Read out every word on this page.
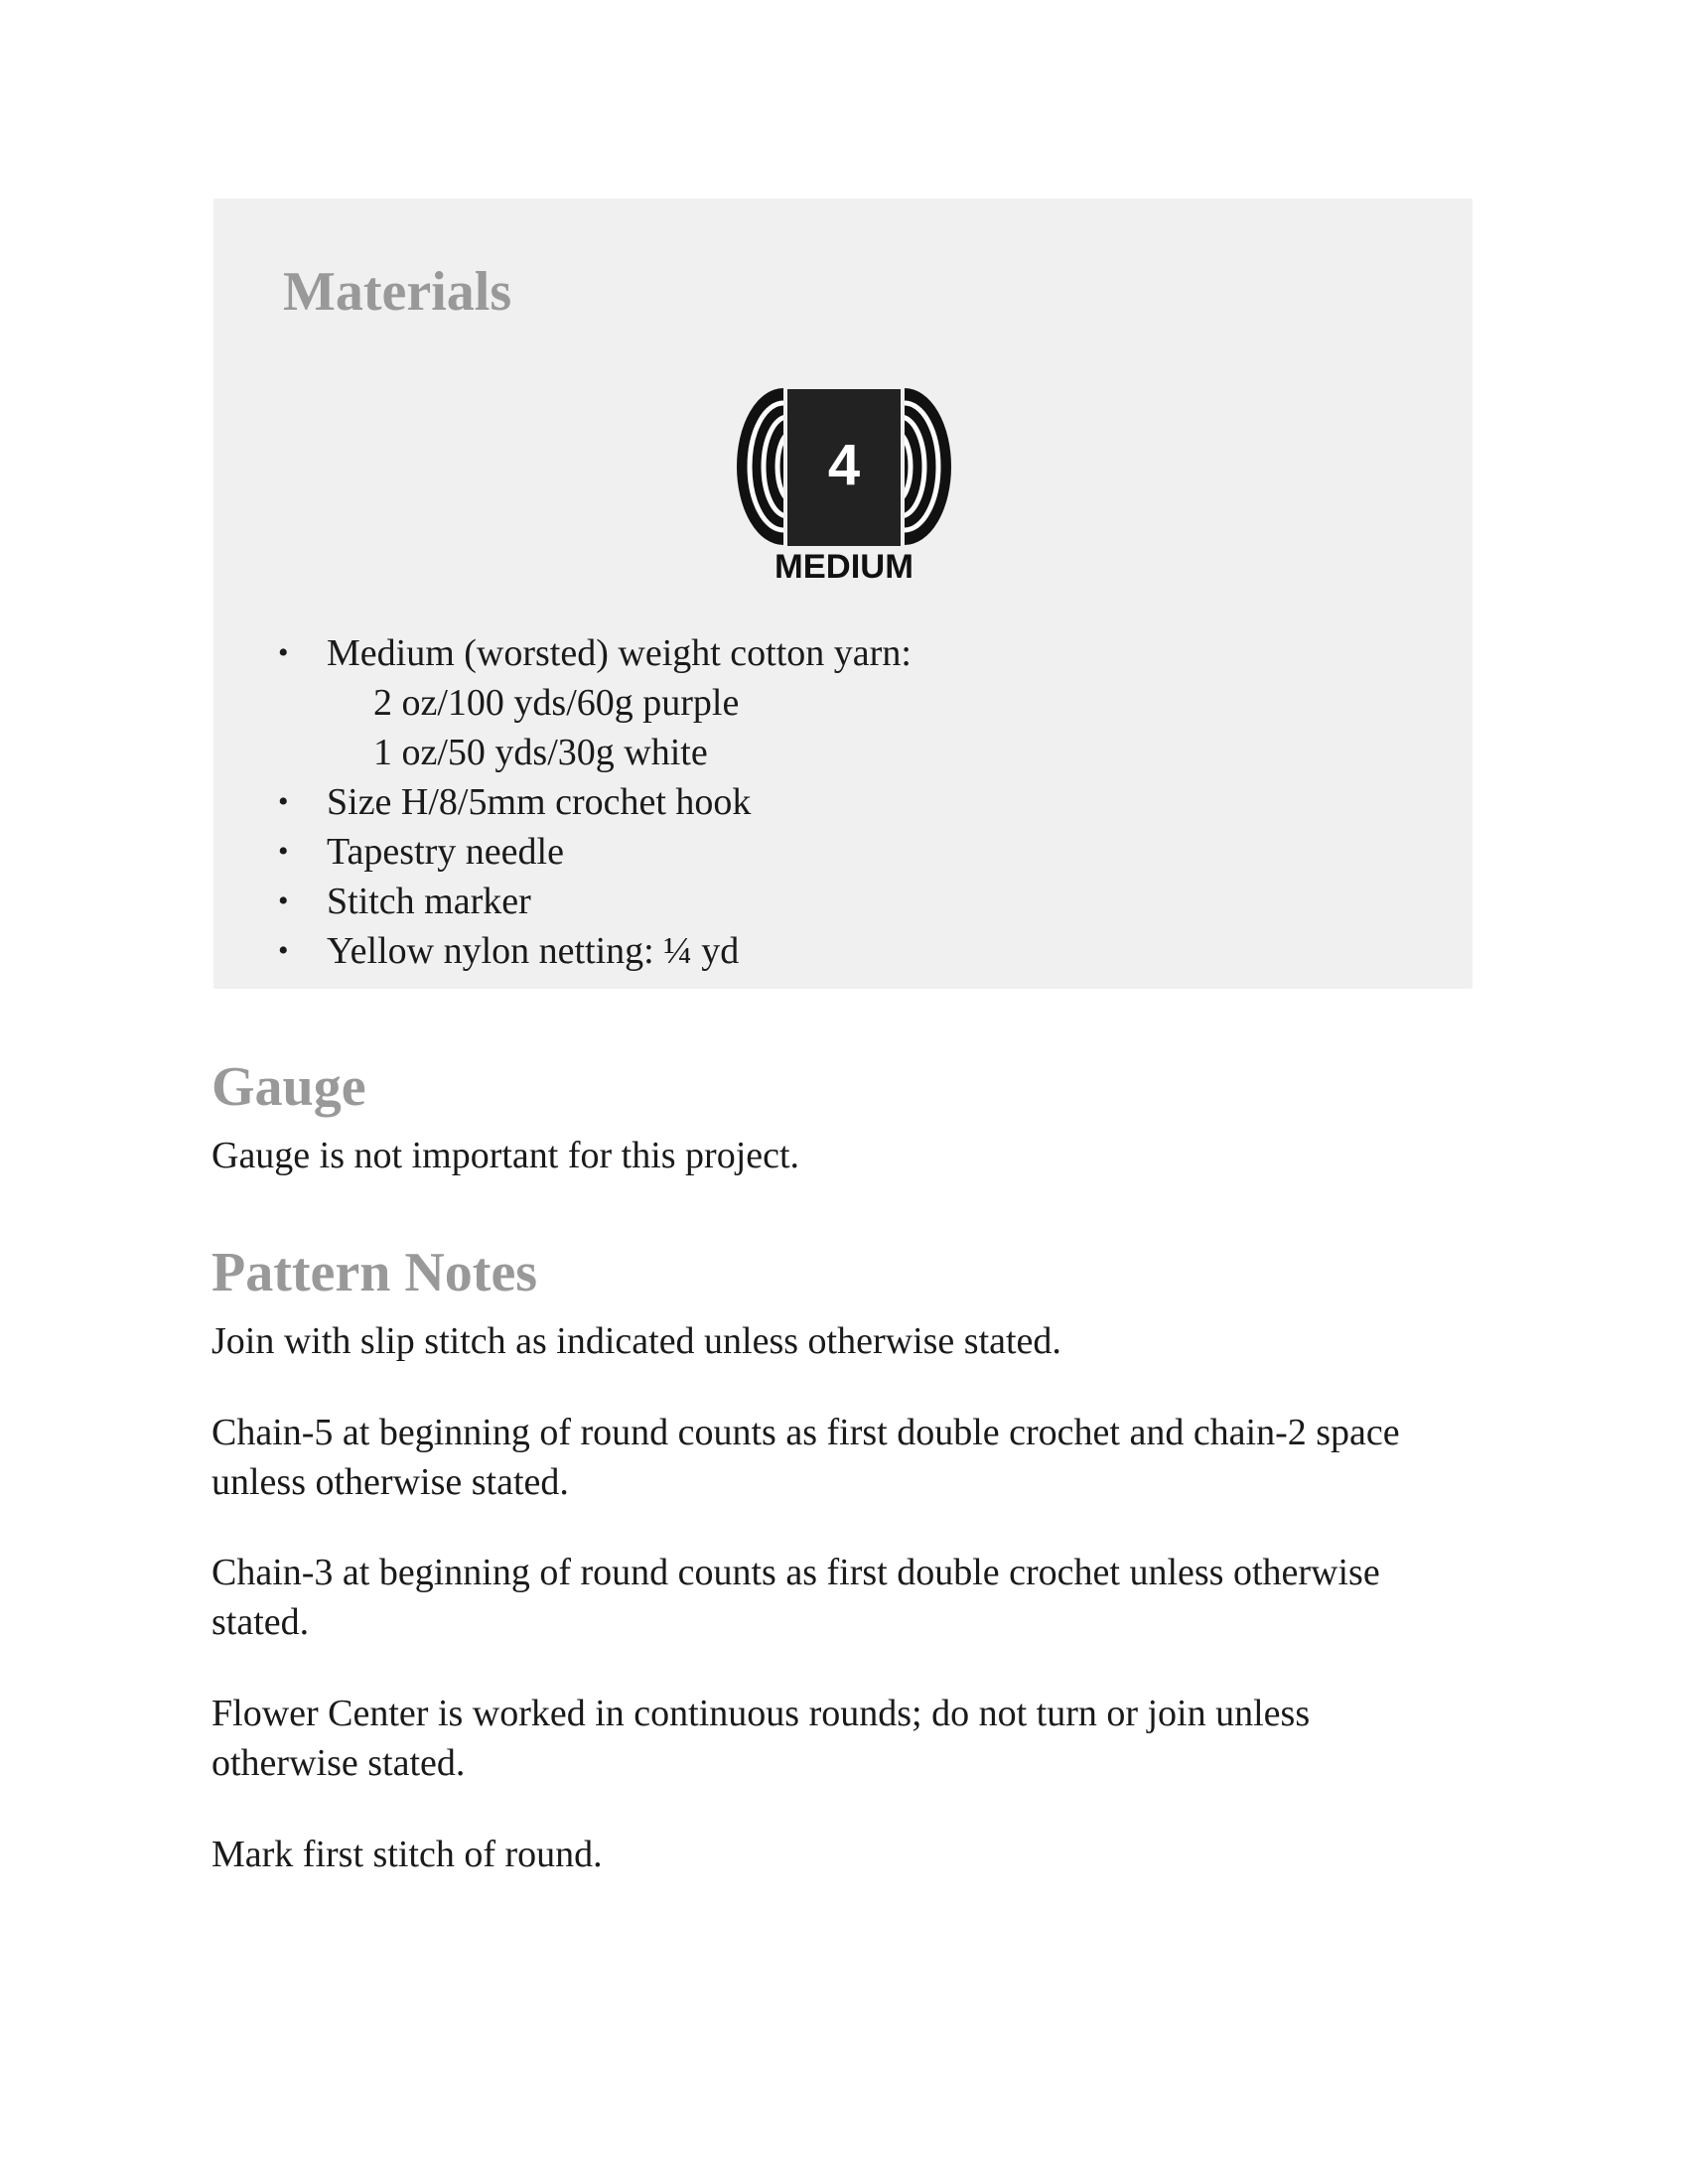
Materials
4
MEDIUM
• Medium (worsted) weight cotton yarn:
2 oz/100 yds/60g purple
1 oz/50 yds/30g white
• Size H/8/5mm crochet hook
• Tapestry needle
• Stitch marker
• Yellow nylon netting: ¼ yd
Gauge

Gauge is not important for this project.

Pattern Notes

Join with slip stitch as indicated unless otherwise stated.

Chain-5 at beginning of round counts as first double crochet and chain-2 space unless otherwise stated.

Chain-3 at beginning of round counts as first double crochet unless otherwise stated.

Flower Center is worked in continuous rounds; do not turn or join unless otherwise stated.

Mark first stitch of round.
